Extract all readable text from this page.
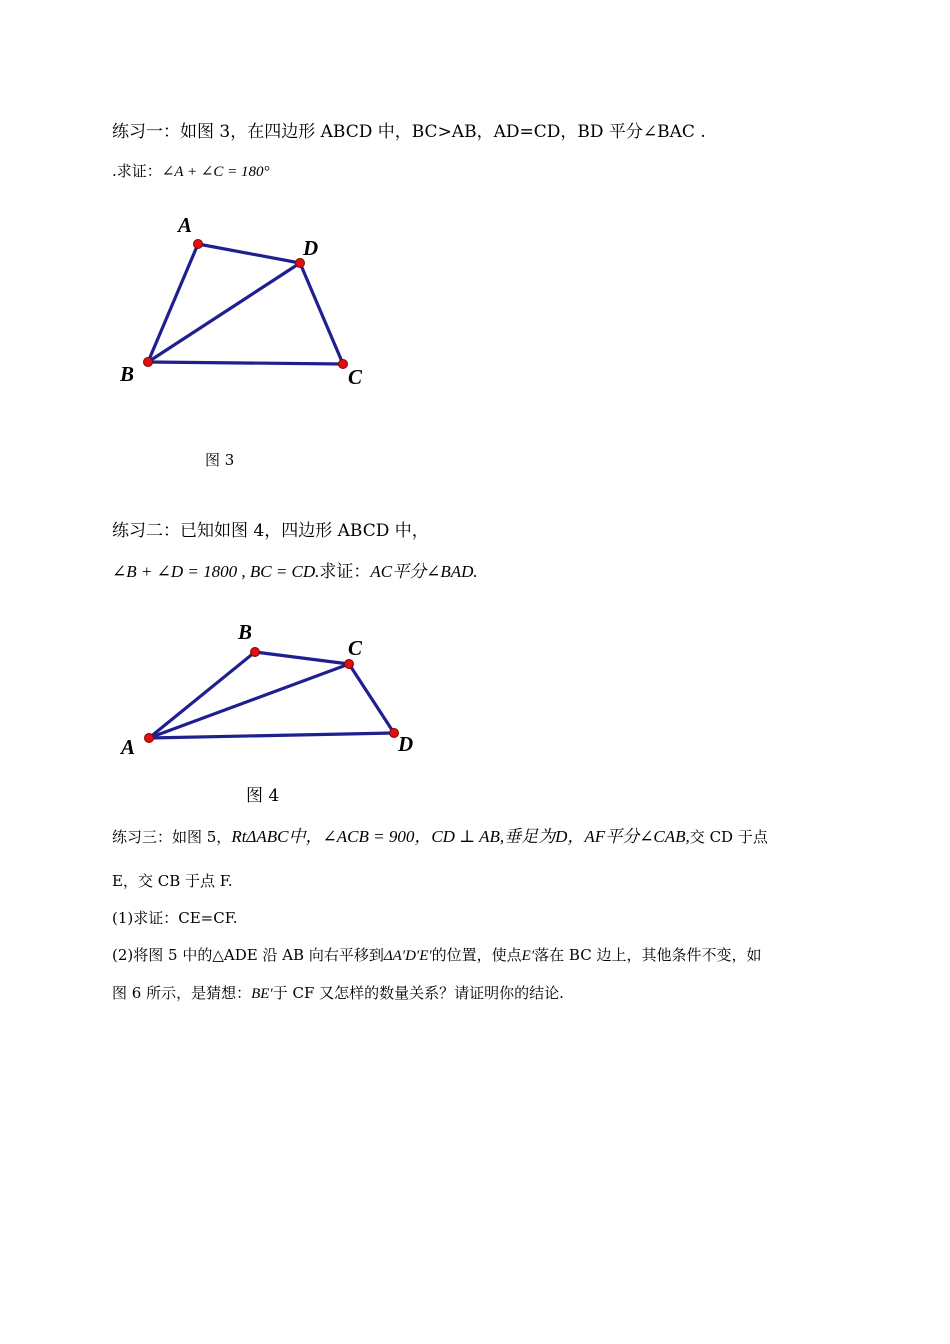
练习一：如图 3，在四边形 ABCD 中，BC>AB，AD=CD，BD 平分∠BAC .
.求证：∠A + ∠C = 180°
A
D
B	C
图 3
练习二：已知如图 4，四边形 ABCD 中，
∠B + ∠D = 1800 , BC = CD.求证：AC平分∠BAD.
A
B
C
D
图 4
练习三：如图 5，RtΔABC中，∠ACB = 900，CD ⊥ AB,垂足为D，AF平分∠CAB,交 CD 于点
E，交 CB 于点 F.
(1)求证：CE=CF.
(2)将图 5 中的△ADE 沿 AB 向右平移到ΔA′D′E′的位置，使点E′落在 BC 边上，其他条件不变，如
图 6 所示，是猜想：BE′于 CF 又怎样的数量关系？请证明你的结论.
